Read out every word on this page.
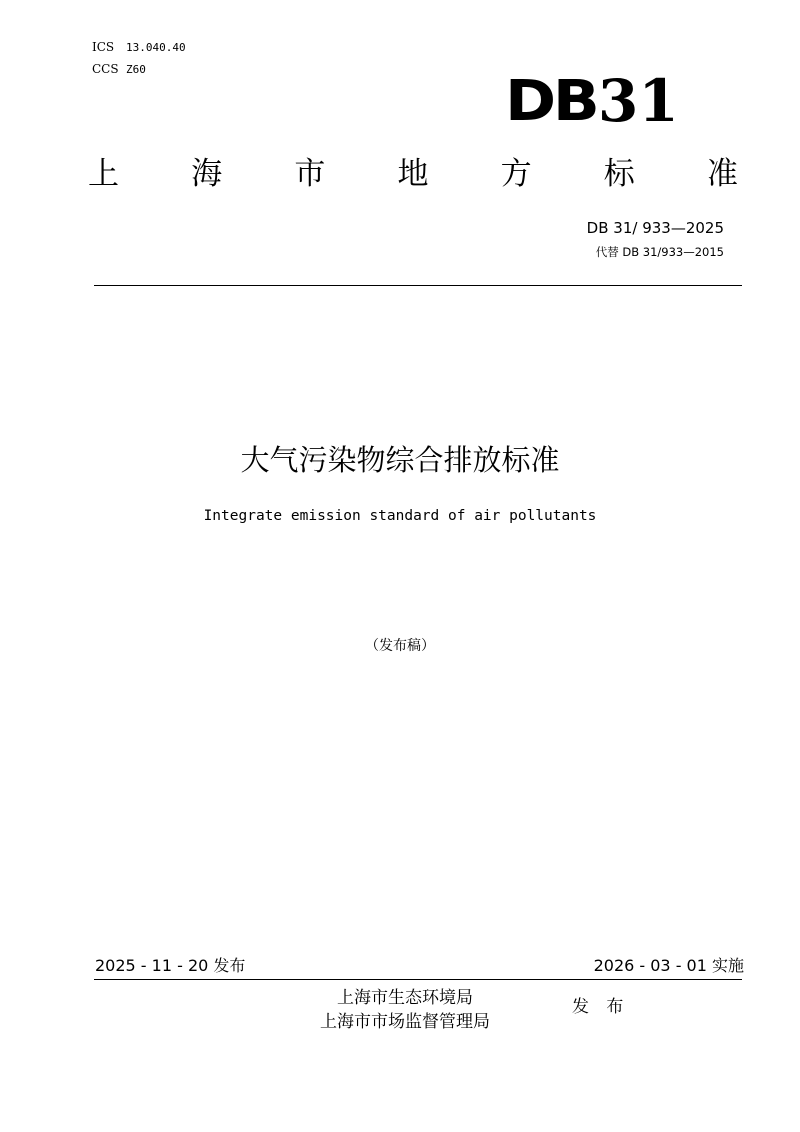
ICS 13.040.40
CCS Z60	DB 31
上 海 市 地 方 标 准
DB 31/ 933—2025
代替 DB 31/933—2015
大气污染物综合排放标准
Integrate emission standard of air pollutants
（发布稿）
2025 - 11 - 20 发布	2026 - 03 - 01 实施
上海市生态环境局
上海市市场监督管理局
发 布
